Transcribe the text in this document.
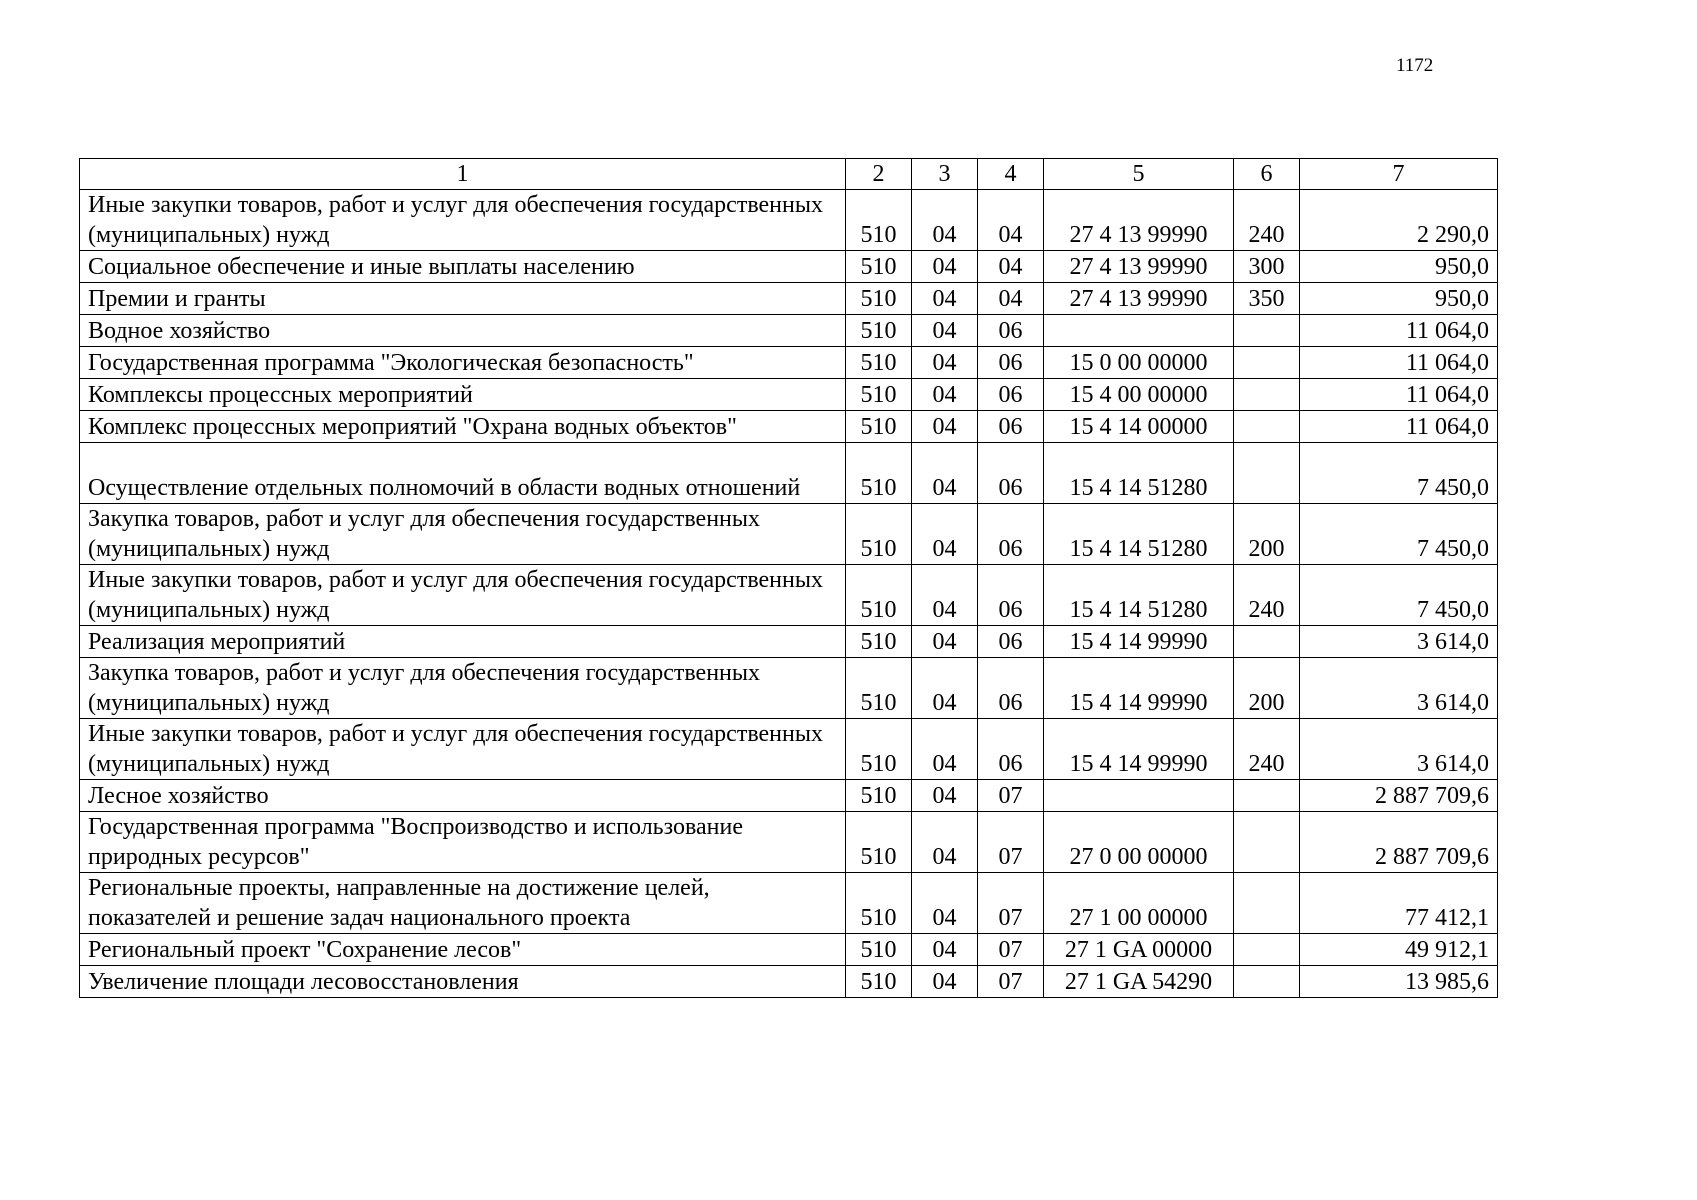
1172
1	2	3	4	5	6	7
Иные закупки товаров, работ и услуг для обеспечения государственных (муниципальных) нужд	510	04	04	27 4 13 99990	240	2 290,0
Социальное обеспечение и иные выплаты населению	510	04	04	27 4 13 99990	300	950,0
Премии и гранты	510	04	04	27 4 13 99990	350	950,0
Водное хозяйство	510	04	06			11 064,0
Государственная программа "Экологическая безопасность"	510	04	06	15 0 00 00000		11 064,0
Комплексы процессных мероприятий	510	04	06	15 4 00 00000		11 064,0
Комплекс процессных мероприятий "Охрана водных объектов"	510	04	06	15 4 14 00000		11 064,0
Осуществление отдельных полномочий в области водных отношений	510	04	06	15 4 14 51280		7 450,0
Закупка товаров, работ и услуг для обеспечения государственных (муниципальных) нужд	510	04	06	15 4 14 51280	200	7 450,0
Иные закупки товаров, работ и услуг для обеспечения государственных (муниципальных) нужд	510	04	06	15 4 14 51280	240	7 450,0
Реализация мероприятий	510	04	06	15 4 14 99990		3 614,0
Закупка товаров, работ и услуг для обеспечения государственных (муниципальных) нужд	510	04	06	15 4 14 99990	200	3 614,0
Иные закупки товаров, работ и услуг для обеспечения государственных (муниципальных) нужд	510	04	06	15 4 14 99990	240	3 614,0
Лесное хозяйство	510	04	07			2 887 709,6
Государственная программа "Воспроизводство и использование природных ресурсов"	510	04	07	27 0 00 00000		2 887 709,6
Региональные проекты, направленные на достижение целей, показателей и решение задач национального проекта	510	04	07	27 1 00 00000		77 412,1
Региональный проект "Сохранение лесов"	510	04	07	27 1 GA 00000		49 912,1
Увеличение площади лесовосстановления	510	04	07	27 1 GA 54290		13 985,6
